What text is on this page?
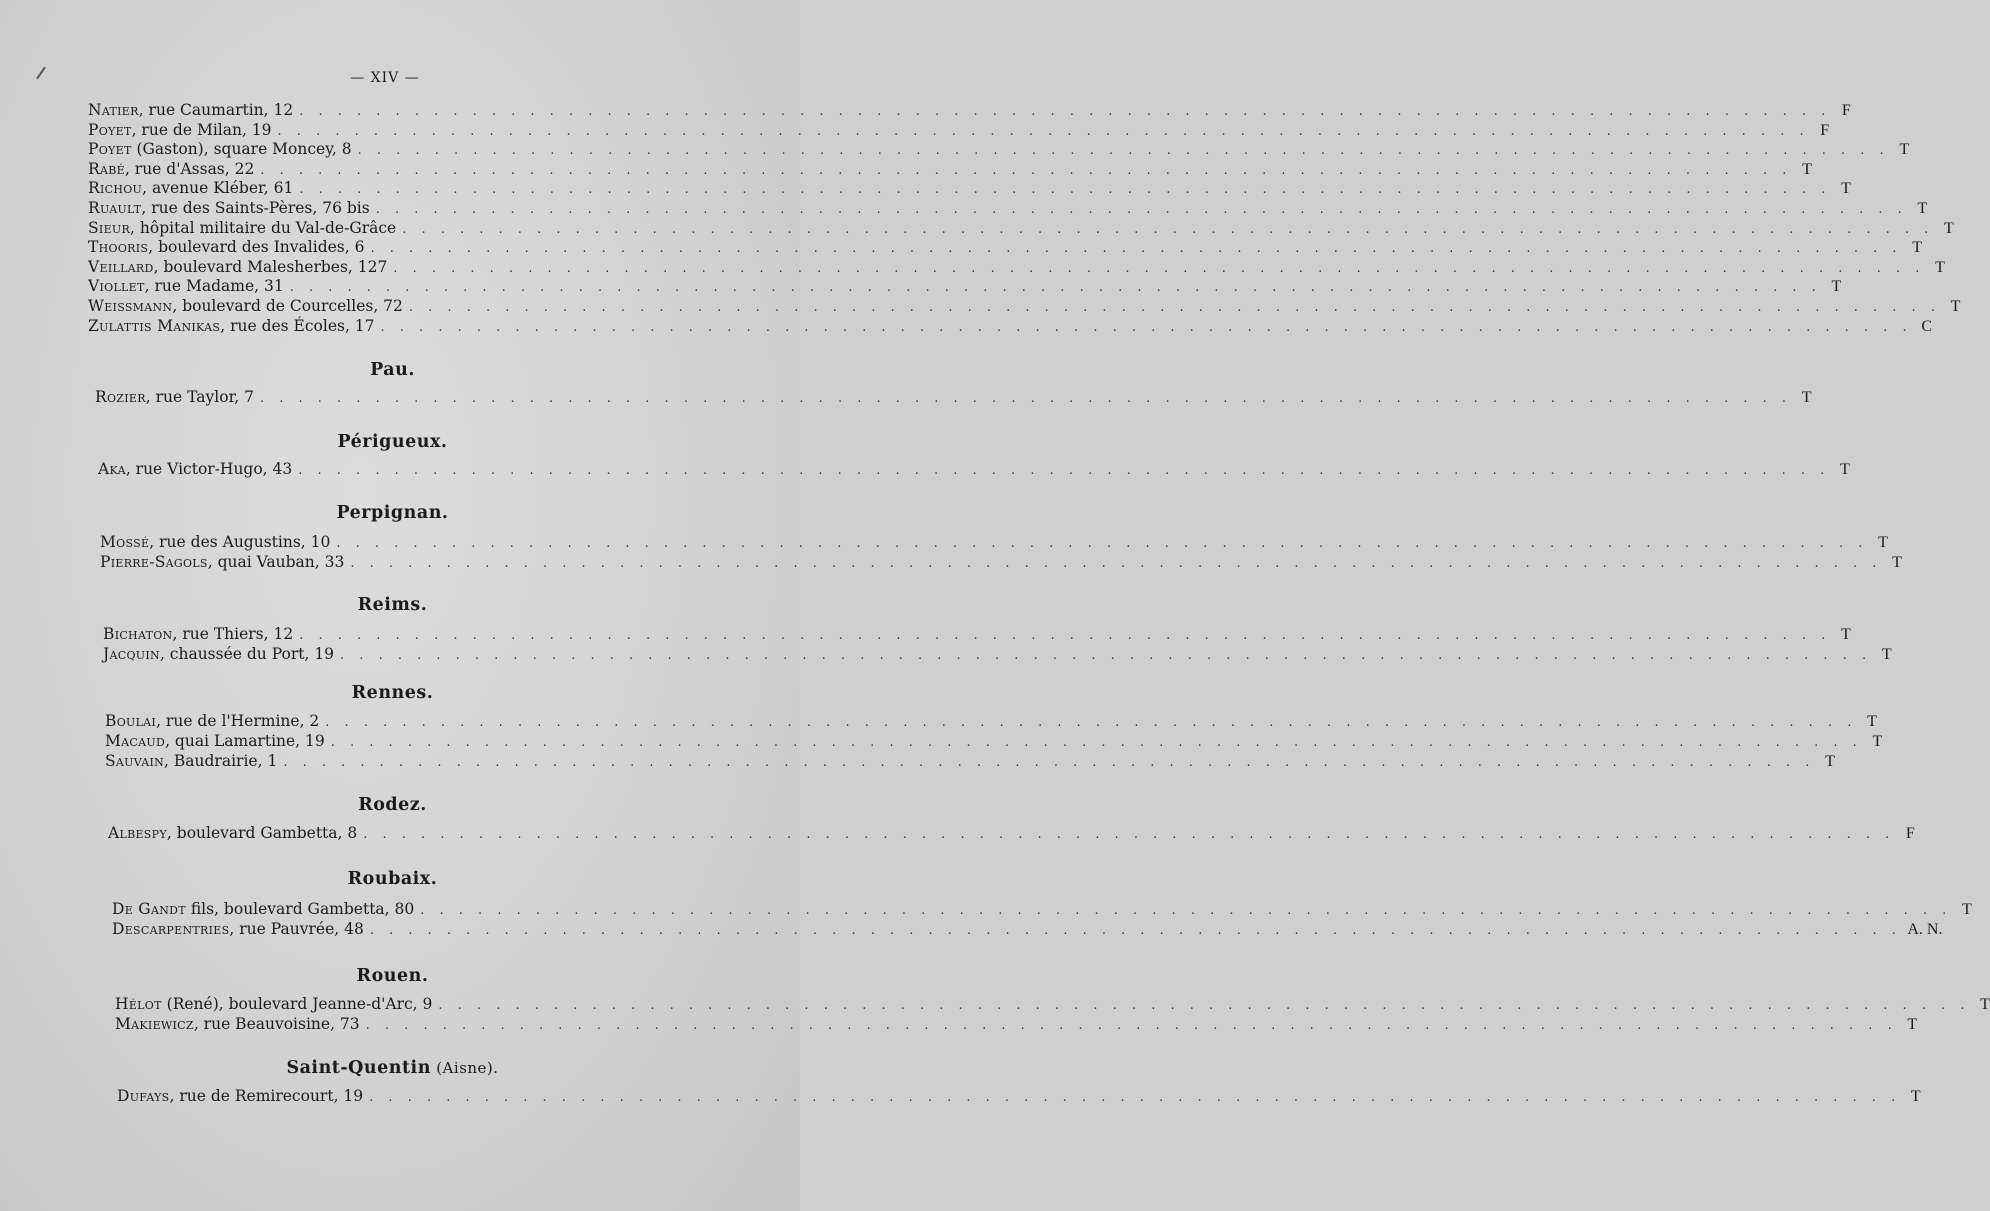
— XIV —
Natier , rue Caumartin, 12 . . . . . . . . . . . . . . . . . . . . . . . . . . . . . . . . . . . . . . . . . . . . . . . . . . . . . . . . . . . . . . . . . . . . . . . . . . . . . . . . F
Poyet , rue de Milan, 19 . . . . . . . . . . . . . . . . . . . . . . . . . . . . . . . . . . . . . . . . . . . . . . . . . . . . . . . . . . . . . . . . . . . . . . . . . . . . . . . . F
Poyet (Gaston), square Moncey, 8 . . . . . . . . . . . . . . . . . . . . . . . . . . . . . . . . . . . . . . . . . . . . . . . . . . . . . . . . . . . . . . . . . . . . . . . . . . . . . . . . T
Rabé , rue d'Assas, 22 . . . . . . . . . . . . . . . . . . . . . . . . . . . . . . . . . . . . . . . . . . . . . . . . . . . . . . . . . . . . . . . . . . . . . . . . . . . . . . . . T
Richou , avenue Kléber, 61 . . . . . . . . . . . . . . . . . . . . . . . . . . . . . . . . . . . . . . . . . . . . . . . . . . . . . . . . . . . . . . . . . . . . . . . . . . . . . . . . T
Ruault , rue des Saints-Pères, 76 bis . . . . . . . . . . . . . . . . . . . . . . . . . . . . . . . . . . . . . . . . . . . . . . . . . . . . . . . . . . . . . . . . . . . . . . . . . . . . . . . . T
Sieur , hôpital militaire du Val-de-Grâce . . . . . . . . . . . . . . . . . . . . . . . . . . . . . . . . . . . . . . . . . . . . . . . . . . . . . . . . . . . . . . . . . . . . . . . . . . . . . . . . T
Thooris , boulevard des Invalides, 6 . . . . . . . . . . . . . . . . . . . . . . . . . . . . . . . . . . . . . . . . . . . . . . . . . . . . . . . . . . . . . . . . . . . . . . . . . . . . . . . . T
Veillard , boulevard Malesherbes, 127 . . . . . . . . . . . . . . . . . . . . . . . . . . . . . . . . . . . . . . . . . . . . . . . . . . . . . . . . . . . . . . . . . . . . . . . . . . . . . . . . T
Viollet , rue Madame, 31 . . . . . . . . . . . . . . . . . . . . . . . . . . . . . . . . . . . . . . . . . . . . . . . . . . . . . . . . . . . . . . . . . . . . . . . . . . . . . . . . T
Weissmann , boulevard de Courcelles, 72 . . . . . . . . . . . . . . . . . . . . . . . . . . . . . . . . . . . . . . . . . . . . . . . . . . . . . . . . . . . . . . . . . . . . . . . . . . . . . . . . T
Zulattis Manikas , rue des Écoles, 17 . . . . . . . . . . . . . . . . . . . . . . . . . . . . . . . . . . . . . . . . . . . . . . . . . . . . . . . . . . . . . . . . . . . . . . . . . . . . . . . . C
Pau.
Rozier , rue Taylor, 7 . . . . . . . . . . . . . . . . . . . . . . . . . . . . . . . . . . . . . . . . . . . . . . . . . . . . . . . . . . . . . . . . . . . . . . . . . . . . . . . . T
Périgueux.
Aka , rue Victor-Hugo, 43 . . . . . . . . . . . . . . . . . . . . . . . . . . . . . . . . . . . . . . . . . . . . . . . . . . . . . . . . . . . . . . . . . . . . . . . . . . . . . . . . T
Perpignan.
Mossé , rue des Augustins, 10 . . . . . . . . . . . . . . . . . . . . . . . . . . . . . . . . . . . . . . . . . . . . . . . . . . . . . . . . . . . . . . . . . . . . . . . . . . . . . . . . T
Pierre-Sagols , quai Vauban, 33 . . . . . . . . . . . . . . . . . . . . . . . . . . . . . . . . . . . . . . . . . . . . . . . . . . . . . . . . . . . . . . . . . . . . . . . . . . . . . . . . T
Reims.
Bichaton , rue Thiers, 12 . . . . . . . . . . . . . . . . . . . . . . . . . . . . . . . . . . . . . . . . . . . . . . . . . . . . . . . . . . . . . . . . . . . . . . . . . . . . . . . . T
Jacquin , chaussée du Port, 19 . . . . . . . . . . . . . . . . . . . . . . . . . . . . . . . . . . . . . . . . . . . . . . . . . . . . . . . . . . . . . . . . . . . . . . . . . . . . . . . . T
Rennes.
Boulai , rue de l'Hermine, 2 . . . . . . . . . . . . . . . . . . . . . . . . . . . . . . . . . . . . . . . . . . . . . . . . . . . . . . . . . . . . . . . . . . . . . . . . . . . . . . . . T
Macaud , quai Lamartine, 19 . . . . . . . . . . . . . . . . . . . . . . . . . . . . . . . . . . . . . . . . . . . . . . . . . . . . . . . . . . . . . . . . . . . . . . . . . . . . . . . . T
Sauvain , Baudrairie, 1 . . . . . . . . . . . . . . . . . . . . . . . . . . . . . . . . . . . . . . . . . . . . . . . . . . . . . . . . . . . . . . . . . . . . . . . . . . . . . . . . T
Rodez.
Albespy , boulevard Gambetta, 8 . . . . . . . . . . . . . . . . . . . . . . . . . . . . . . . . . . . . . . . . . . . . . . . . . . . . . . . . . . . . . . . . . . . . . . . . . . . . . . . . F
Roubaix.
De Gandt fils, boulevard Gambetta, 80 . . . . . . . . . . . . . . . . . . . . . . . . . . . . . . . . . . . . . . . . . . . . . . . . . . . . . . . . . . . . . . . . . . . . . . . . . . . . . . . . T
Descarpentries , rue Pauvrée, 48 . . . . . . . . . . . . . . . . . . . . . . . . . . . . . . . . . . . . . . . . . . . . . . . . . . . . . . . . . . . . . . . . . . . . . . . . . . . . . . . . A. N.
Rouen.
Hélot (René), boulevard Jeanne-d'Arc, 9 . . . . . . . . . . . . . . . . . . . . . . . . . . . . . . . . . . . . . . . . . . . . . . . . . . . . . . . . . . . . . . . . . . . . . . . . . . . . . . . . T
Makiewicz , rue Beauvoisine, 73 . . . . . . . . . . . . . . . . . . . . . . . . . . . . . . . . . . . . . . . . . . . . . . . . . . . . . . . . . . . . . . . . . . . . . . . . . . . . . . . . T
Saint-Quentin (Aisne).
Dufays , rue de Remirecourt, 19 . . . . . . . . . . . . . . . . . . . . . . . . . . . . . . . . . . . . . . . . . . . . . . . . . . . . . . . . . . . . . . . . . . . . . . . . . . . . . . . . T
